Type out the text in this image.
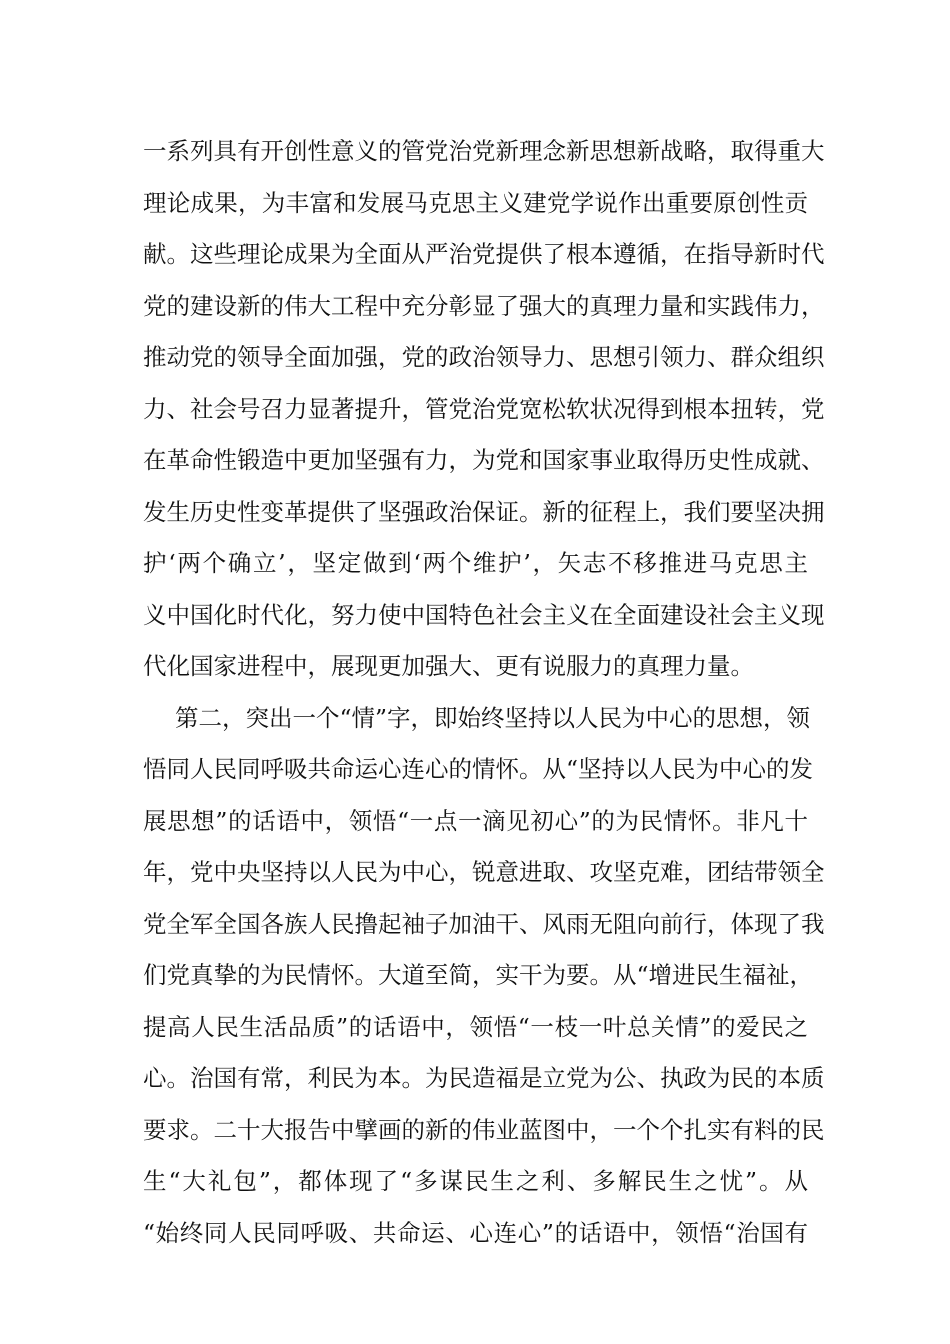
一系列具有开创性意义的管党治党新理念新思想新战略，取得重大
理论成果，为丰富和发展马克思主义建党学说作出重要原创性贡
献。这些理论成果为全面从严治党提供了根本遵循，在指导新时代
党的建设新的伟大工程中充分彰显了强大的真理力量和实践伟力，
推动党的领导全面加强，党的政治领导力、思想引领力、群众组织
力、社会号召力显著提升，管党治党宽松软状况得到根本扭转，党
在革命性锻造中更加坚强有力，为党和国家事业取得历史性成就、
发生历史性变革提供了坚强政治保证。新的征程上，我们要坚决拥
护‘两个确立’，坚定做到‘两个维护’，矢志不移推进马克思主
义中国化时代化，努力使中国特色社会主义在全面建设社会主义现
代化国家进程中，展现更加强大、更有说服力的真理力量。
第二，突出一个“情”字，即始终坚持以人民为中心的思想，领
悟同人民同呼吸共命运心连心的情怀。从“坚持以人民为中心的发
展思想”的话语中，领悟“一点一滴见初心”的为民情怀。非凡十
年，党中央坚持以人民为中心，锐意进取、攻坚克难，团结带领全
党全军全国各族人民撸起袖子加油干、风雨无阻向前行，体现了我
们党真挚的为民情怀。大道至简，实干为要。从“增进民生福祉，
提高人民生活品质”的话语中，领悟“一枝一叶总关情”的爱民之
心。治国有常，利民为本。为民造福是立党为公、执政为民的本质
要求。二十大报告中擘画的新的伟业蓝图中，一个个扎实有料的民
生“大礼包”，都体现了“多谋民生之利、多解民生之忧”。从
“始终同人民同呼吸、共命运、心连心”的话语中，领悟“治国有
